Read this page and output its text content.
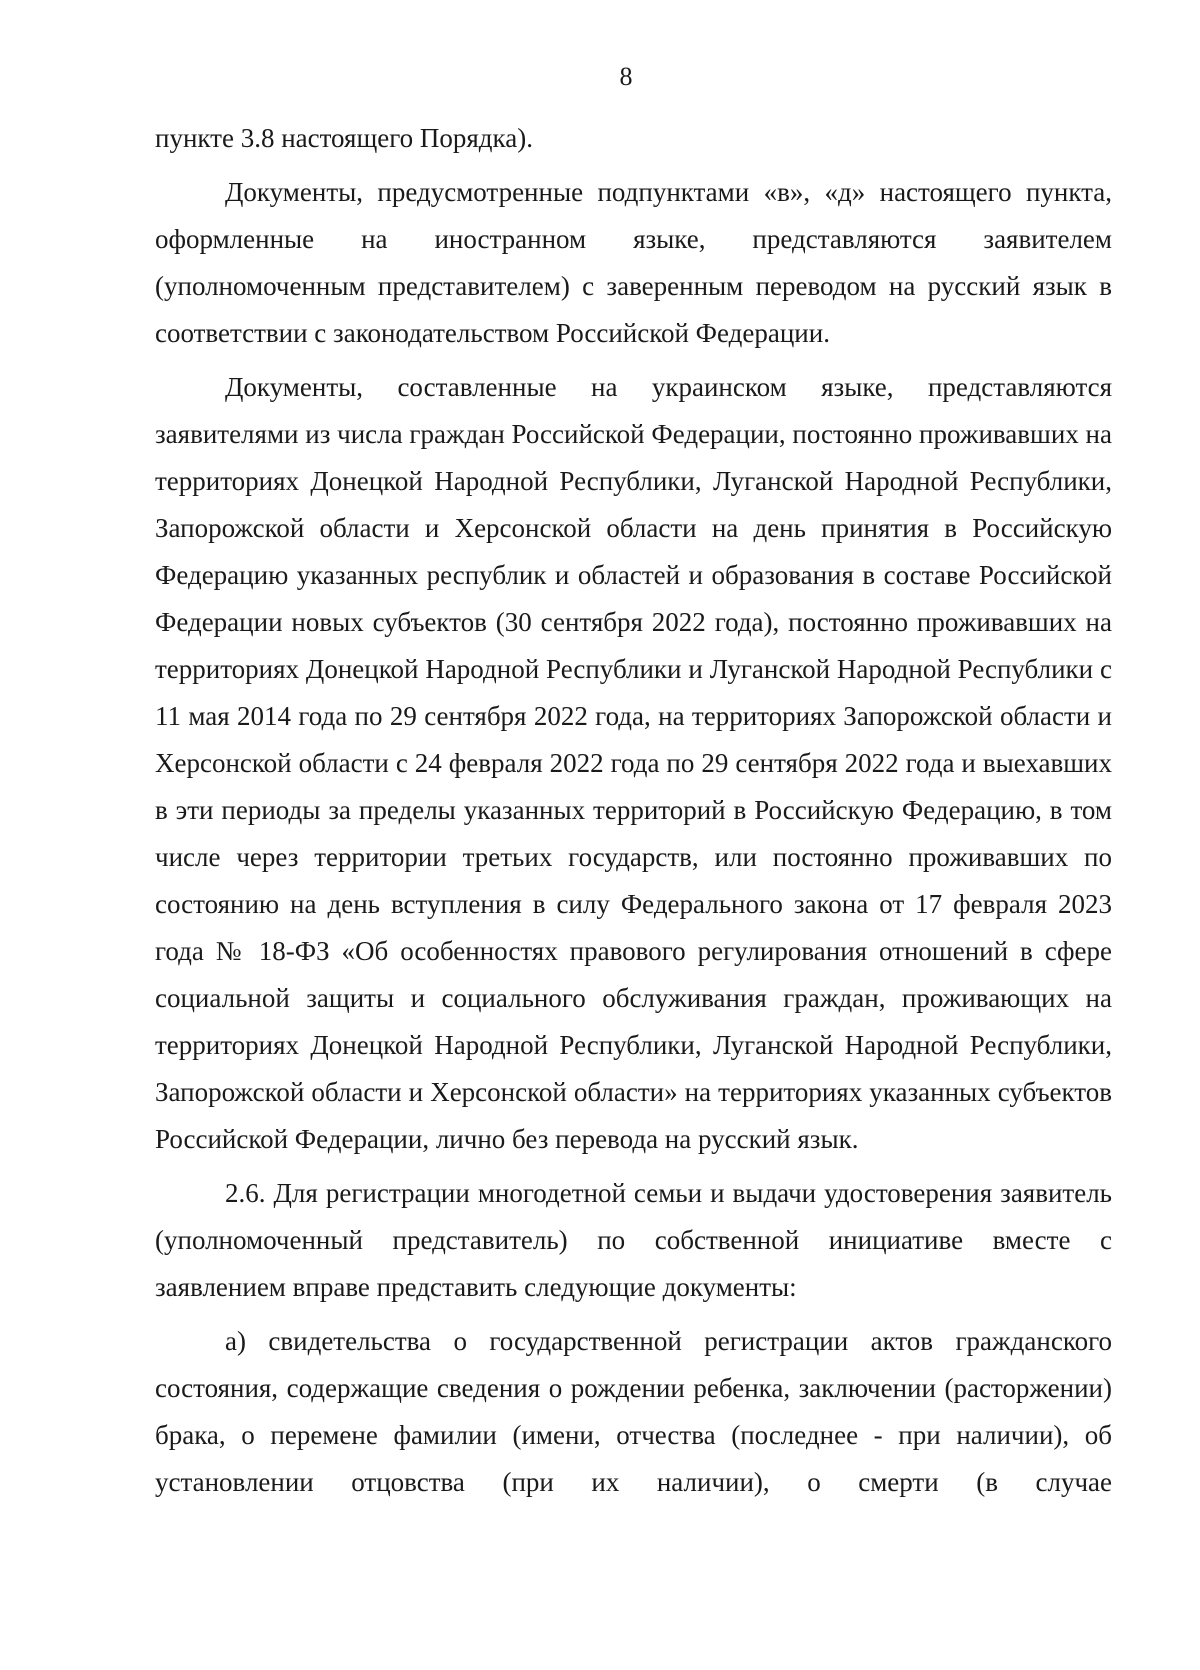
8

пункте 3.8 настоящего Порядка).

Документы, предусмотренные подпунктами «в», «д» настоящего пункта, оформленные на иностранном языке, представляются заявителем (уполномоченным представителем) с заверенным переводом на русский язык в соответствии с законодательством Российской Федерации.

Документы, составленные на украинском языке, представляются заявителями из числа граждан Российской Федерации, постоянно проживавших на территориях Донецкой Народной Республики, Луганской Народной Республики, Запорожской области и Херсонской области на день принятия в Российскую Федерацию указанных республик и областей и образования в составе Российской Федерации новых субъектов (30 сентября 2022 года), постоянно проживавших на территориях Донецкой Народной Республики и Луганской Народной Республики с 11 мая 2014 года по 29 сентября 2022 года, на территориях Запорожской области и Херсонской области с 24 февраля 2022 года по 29 сентября 2022 года и выехавших в эти периоды за пределы указанных территорий в Российскую Федерацию, в том числе через территории третьих государств, или постоянно проживавших по состоянию на день вступления в силу Федерального закона от 17 февраля 2023 года № 18-ФЗ «Об особенностях правового регулирования отношений в сфере социальной защиты и социального обслуживания граждан, проживающих на территориях Донецкой Народной Республики, Луганской Народной Республики, Запорожской области и Херсонской области» на территориях указанных субъектов Российской Федерации, лично без перевода на русский язык.

2.6. Для регистрации многодетной семьи и выдачи удостоверения заявитель (уполномоченный представитель) по собственной инициативе вместе с заявлением вправе представить следующие документы:

а) свидетельства о государственной регистрации актов гражданского состояния, содержащие сведения о рождении ребенка, заключении (расторжении) брака, о перемене фамилии (имени, отчества (последнее - при наличии), об установлении отцовства (при их наличии), о смерти (в случае
